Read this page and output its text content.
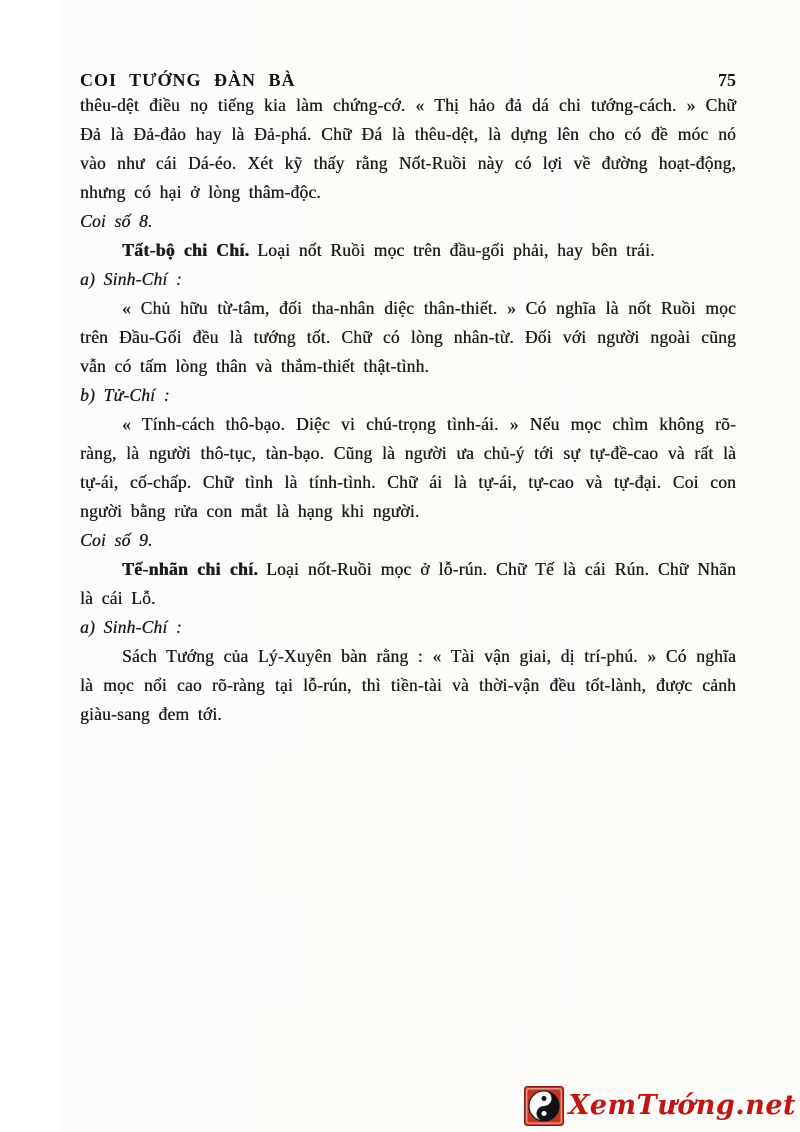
COI TƯỚNG ĐÀN BÀ	75

thêu-dệt điều nọ tiếng kia làm chứng-cớ. « Thị hảo đả dá chi tướng-cách. » Chữ Đả là Đả-đảo hay là Đả-phá. Chữ Đá là thêu-dệt, là dựng lên cho có đề móc nó vào như cái Dá-éo. Xét kỹ thấy rằng Nốt-Ruồi này có lợi về đường hoạt-động, nhưng có hại ở lòng thâm-độc.

Coi số 8.

Tất-bộ chi Chí. Loại nốt Ruồi mọc trên đầu-gối phải, hay bên trái.

a) Sinh-Chí :

« Chủ hữu từ-tâm, đối tha-nhân diệc thân-thiết. » Có nghĩa là nốt Ruồi mọc trên Đầu-Gối đều là tướng tốt. Chữ có lòng nhân-từ. Đối với người ngoài cũng vẫn có tấm lòng thân và thắm-thiết thật-tình.

b) Tử-Chí :

« Tính-cách thô-bạo. Diệc vi chú-trọng tình-ái. » Nếu mọc chìm không rõ-ràng, là người thô-tục, tàn-bạo. Cũng là người ưa chủ-ý tới sự tự-đề-cao và rất là tự-ái, cố-chấp. Chữ tình là tính-tình. Chữ ái là tự-ái, tự-cao và tự-đại. Coi con người bằng rửa con mắt là hạng khi người.

Coi số 9.

Tế-nhãn chi chí. Loại nốt-Ruồi mọc ở lỗ-rún. Chữ Tế là cái Rún. Chữ Nhãn là cái Lỗ.

a) Sinh-Chí :

Sách Tướng của Lý-Xuyên bàn rằng : « Tài vận giai, dị trí-phú. » Có nghĩa là mọc nổi cao rõ-ràng tại lỗ-rún, thì tiền-tài và thời-vận đều tốt-lành, được cảnh giàu-sang đem tới.

XemTướng.net
